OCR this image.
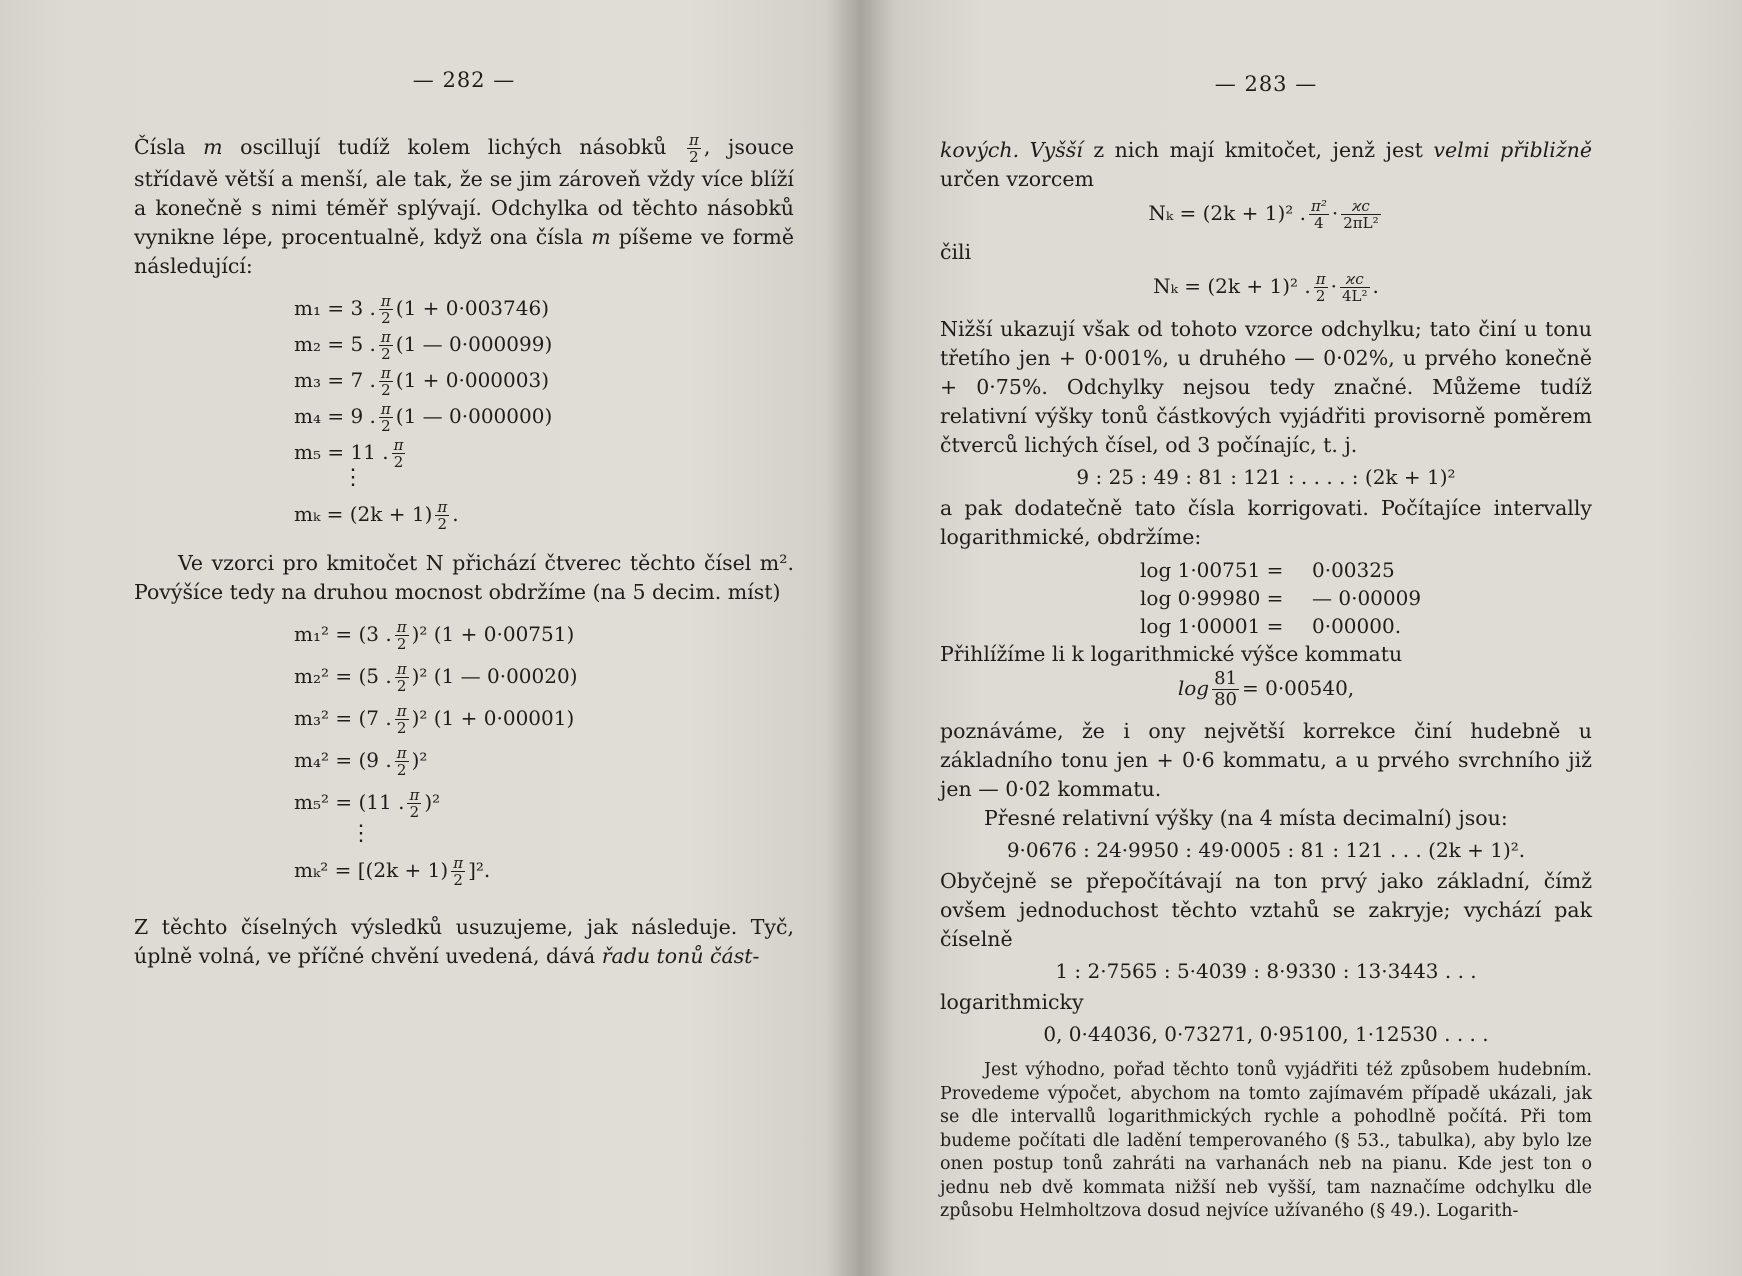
— 282 —

Čísla m oscillují tudíž kolem lichých násobků $\frac{\pi}{2}$ , jsouce střídavě větší a menší, ale tak, že se jim zároveň vždy více blíží a konečně s nimi téměř splývají. Odchylka od těchto násobků vynikne lépe, procentualně, když ona čísla m píšeme ve formě následující:

m₁ = 3 . $\frac{\pi}{2} (1 + 0\cdot 003746)$
m₂ = 5 . $\frac{\pi}{2} (1$ — 0·000099)
m₃ = 7 . $\frac{\pi}{2} (1 + 0\cdot 000003)$
m₄ = 9 . $\frac{\pi}{2} (1$ — 0·000000)
m₅ = 11 . $\frac{\pi}{2}$
⋮
$m_k = (2k + 1) \frac{\pi}{2}$ .

Ve vzorci pro kmitočet N přichází čtverec těchto čísel m². Povýšíce tedy na druhou mocnost obdržíme (na 5 decim. míst)

m₁² = (3 . $\frac{\pi}{2} )^2$ (1 + 0·00751)
m₂² = (5 . $\frac{\pi}{2} )^2$ (1 — 0·00020)
m₃² = (7 . $\frac{\pi}{2} )^2$ (1 + 0·00001)
m₄² = (9 . $\frac{\pi}{2} )^2$
m₅² = (11 . $\frac{\pi}{2} )^2$
⋮
$m_k^2 = [(2k + 1) \frac{\pi}{2} ]^2$.

Z těchto číselných výsledků usuzujeme, jak následuje. Tyč, úplně volná, ve příčné chvění uvedená, dává řadu tonů část-

— 283 —

kových. Vyšší z nich mají kmitočet, jenž jest velmi přibližně určen vzorcem

Nₖ = (2k + 1)² . $\frac{\text{π²}}{4} \cdot \frac{ϰc}{\text{2πL²}}$

čili

Nₖ = (2k + 1)² . $\frac{\pi}{2} \cdot \frac{ϰc}{\text{4L²}}$ .

Nižší ukazují však od tohoto vzorce odchylku; tato činí u tonu třetího jen + 0·001%, u druhého — 0·02%, u prvého konečně + 0·75%. Odchylky nejsou tedy značné. Můžeme tudíž relativní výšky tonů částkových vyjádřiti provisorně poměrem čtverců lichých čísel, od 3 počínajíc, t. j.

9 : 25 : 49 : 81 : 121 : . . . . : (2k + 1)²

a pak dodatečně tato čísla korrigovati. Počítajíce intervally logarithmické, obdržíme:

log 1·00751 = 0·00325
log 0·99980 = — 0·00009
log 1·00001 = 0·00000.

Přihlížíme li k logarithmické výšce kommatu

$\log \frac{81}{80} = 0\cdot 00540$,

poznáváme, že i ony největší korrekce činí hudebně u základního tonu jen + 0·6 kommatu, a u prvého svrchního již jen — 0·02 kommatu.

Přesné relativní výšky (na 4 místa decimalní) jsou:

9·0676 : 24·9950 : 49·0005 : 81 : 121 . . . (2k + 1)².

Obyčejně se přepočítávají na ton prvý jako základní, čímž ovšem jednoduchost těchto vztahů se zakryje; vychází pak číselně

1 : 2·7565 : 5·4039 : 8·9330 : 13·3443 . . .

logarithmicky

0, 0·44036, 0·73271, 0·95100, 1·12530 . . . .

Jest výhodno, pořad těchto tonů vyjádřiti též způsobem hudebním. Provedeme výpočet, abychom na tomto zajímavém případě ukázali, jak se dle intervallů logarithmických rychle a pohodlně počítá. Při tom budeme počítati dle ladění temperovaného (§ 53., tabulka), aby bylo lze onen postup tonů zahráti na varhanách neb na pianu. Kde jest ton o jednu neb dvě kommata nižší neb vyšší, tam naznačíme odchylku dle způsobu Helmholtzova dosud nejvíce užívaného (§ 49.). Logarith-
